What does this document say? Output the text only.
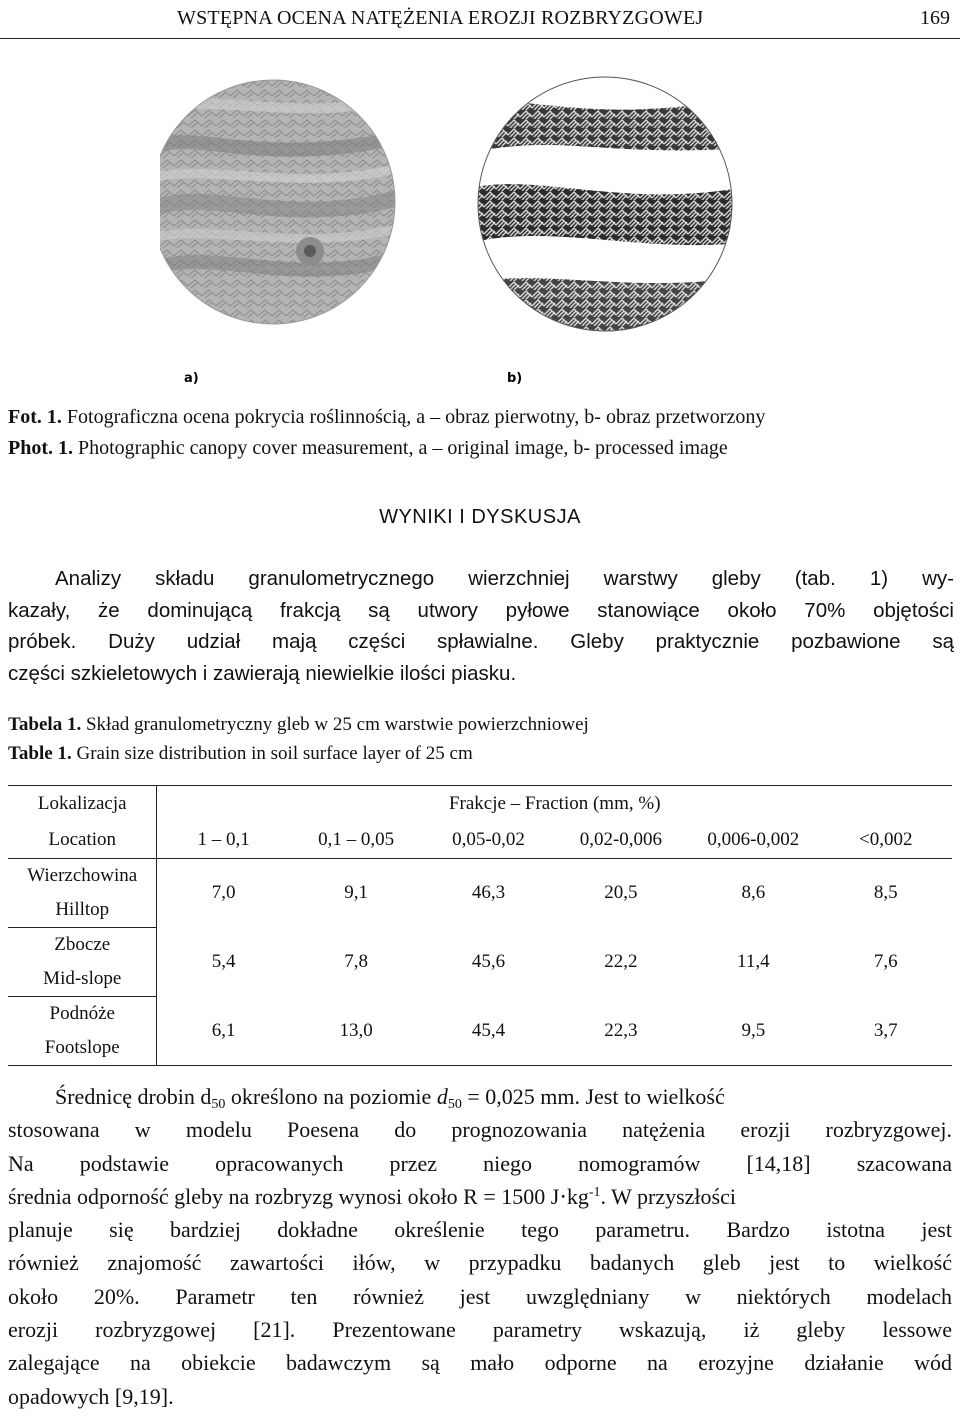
WSTĘPNA OCENA NATĘŻENIA EROZJI ROZBRYZGOWEJ	169
a)	b)
Fot. 1. Fotograficzna ocena pokrycia roślinnością, a – obraz pierwotny, b- obraz przetworzony
Phot. 1. Photographic canopy cover measurement, a – original image, b- processed image
WYNIKI I DYSKUSJA
Analizy składu granulometrycznego wierzchniej warstwy gleby (tab. 1) wy-
kazały, że dominującą frakcją są utwory pyłowe stanowiące około 70% objętości
próbek. Duży udział mają części spławialne. Gleby praktycznie pozbawione są
części szkieletowych i zawierają niewielkie ilości piasku.
Tabela 1. Skład granulometryczny gleb w 25 cm warstwie powierzchniowej
Table 1. Grain size distribution in soil surface layer of 25 cm
Lokalizacja	Frakcje – Fraction (mm, %)					
Location	1 – 0,1	0,1 – 0,05	0,05-0,02	0,02-0,006	0,006-0,002	<0,002

Wierzchowina
Hilltop	7,0	9,1	46,3	20,5	8,6	8,5

Zbocze
Mid-slope	5,4	7,8	45,6	22,2	11,4	7,6

Podnóże
Footslope	6,1	13,0	45,4	22,3	9,5	3,7
Średnicę drobin $d_{50}$ określono na poziomie $d_{50} = 0,025$ mm. Jest to wielkość
stosowana w modelu Poesena do prognozowania natężenia erozji rozbryzgowej.
Na podstawie opracowanych przez niego nomogramów [14,18] szacowana
średnia odporność gleby na rozbryzg wynosi około R = 1500 $J\cdot kg^{-1}$. W przyszłości
planuje się bardziej dokładne określenie tego parametru. Bardzo istotna jest
również znajomość zawartości iłów, w przypadku badanych gleb jest to wielkość
około 20%. Parametr ten również jest uwzględniany w niektórych modelach
erozji rozbryzgowej [21]. Prezentowane parametry wskazują, iż gleby lessowe
zalegające na obiekcie badawczym są mało odporne na erozyjne działanie wód
opadowych [9,19].
